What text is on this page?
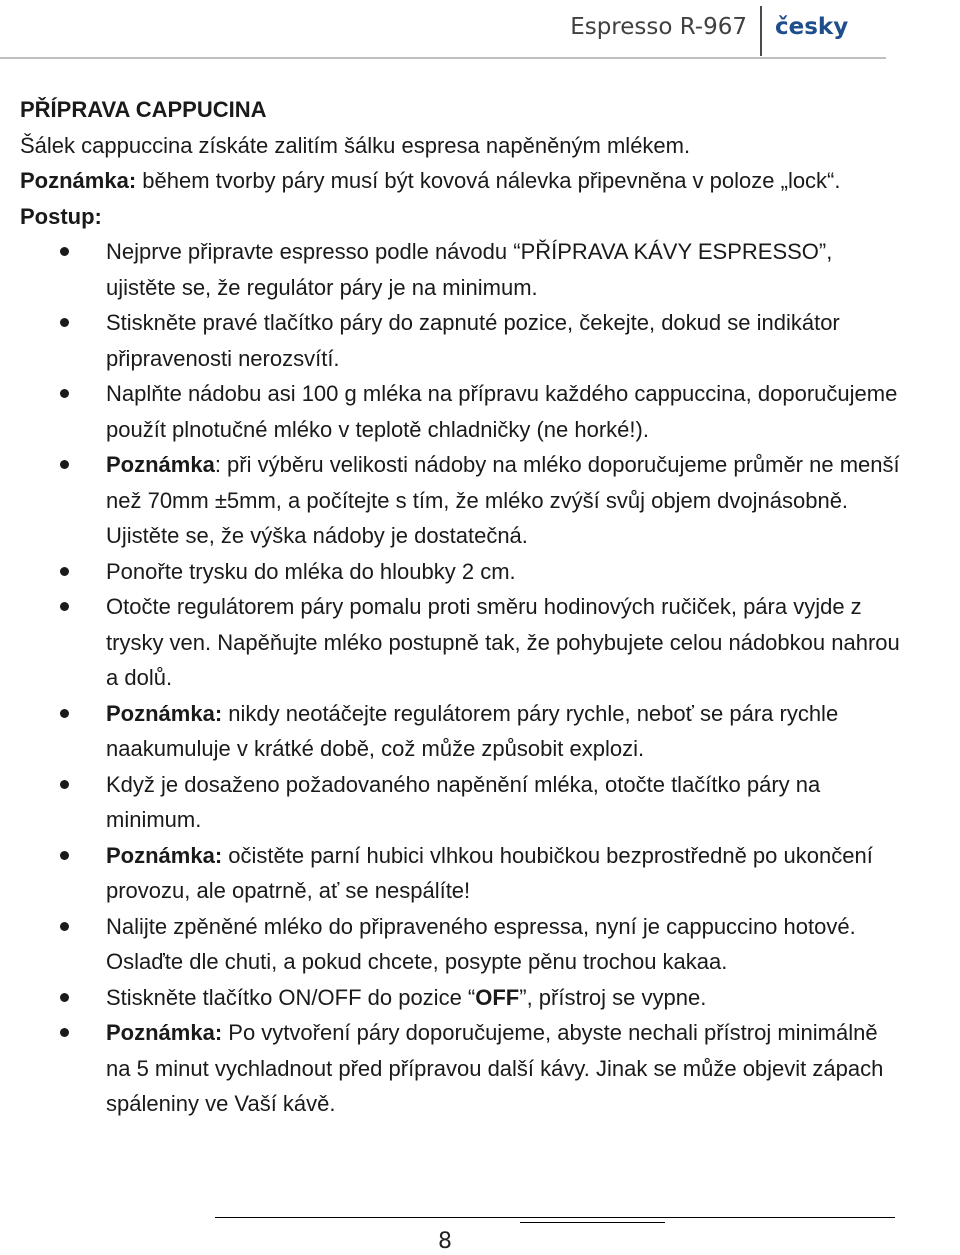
Espresso R-967 česky

PŘÍPRAVA CAPPUCINA

Šálek cappuccina získáte zalitím šálku espresa napěněným mlékem.

Poznámka: během tvorby páry musí být kovová nálevka připevněna v poloze „lock“.

Postup:

Nejprve připravte espresso podle návodu “PŘÍPRAVA KÁVY ESPRESSO”, ujistěte se, že regulátor páry je na minimum.
Stiskněte pravé tlačítko páry do zapnuté pozice, čekejte, dokud se indikátor připravenosti nerozsvítí.
Naplňte nádobu asi 100 g mléka na přípravu každého cappuccina, doporučujeme použít plnotučné mléko v teplotě chladničky (ne horké!).
Poznámka: při výběru velikosti nádoby na mléko doporučujeme průměr ne menší než 70mm ±5mm, a počítejte s tím, že mléko zvýší svůj objem dvojnásobně. Ujistěte se, že výška nádoby je dostatečná.
Ponořte trysku do mléka do hloubky 2 cm.
Otočte regulátorem páry pomalu proti směru hodinových ručiček, pára vyjde z trysky ven. Napěňujte mléko postupně tak, že pohybujete celou nádobkou nahrou a dolů.
Poznámka: nikdy neotáčejte regulátorem páry rychle, neboť se pára rychle naakumuluje v krátké době, což může způsobit explozi.
Když je dosaženo požadovaného napěnění mléka, otočte tlačítko páry na minimum.
Poznámka: očistěte parní hubici vlhkou houbičkou bezprostředně po ukončení provozu, ale opatrně, ať se nespálíte!
Nalijte zpěněné mléko do připraveného espressa, nyní je cappuccino hotové. Oslaďte dle chuti, a pokud chcete, posypte pěnu trochou kakaa.
Stiskněte tlačítko ON/OFF do pozice “OFF”, přístroj se vypne.
Poznámka: Po vytvoření páry doporučujeme, abyste nechali přístroj minimálně na 5 minut vychladnout před přípravou další kávy. Jinak se může objevit zápach spáleniny ve Vaší kávě.
8
